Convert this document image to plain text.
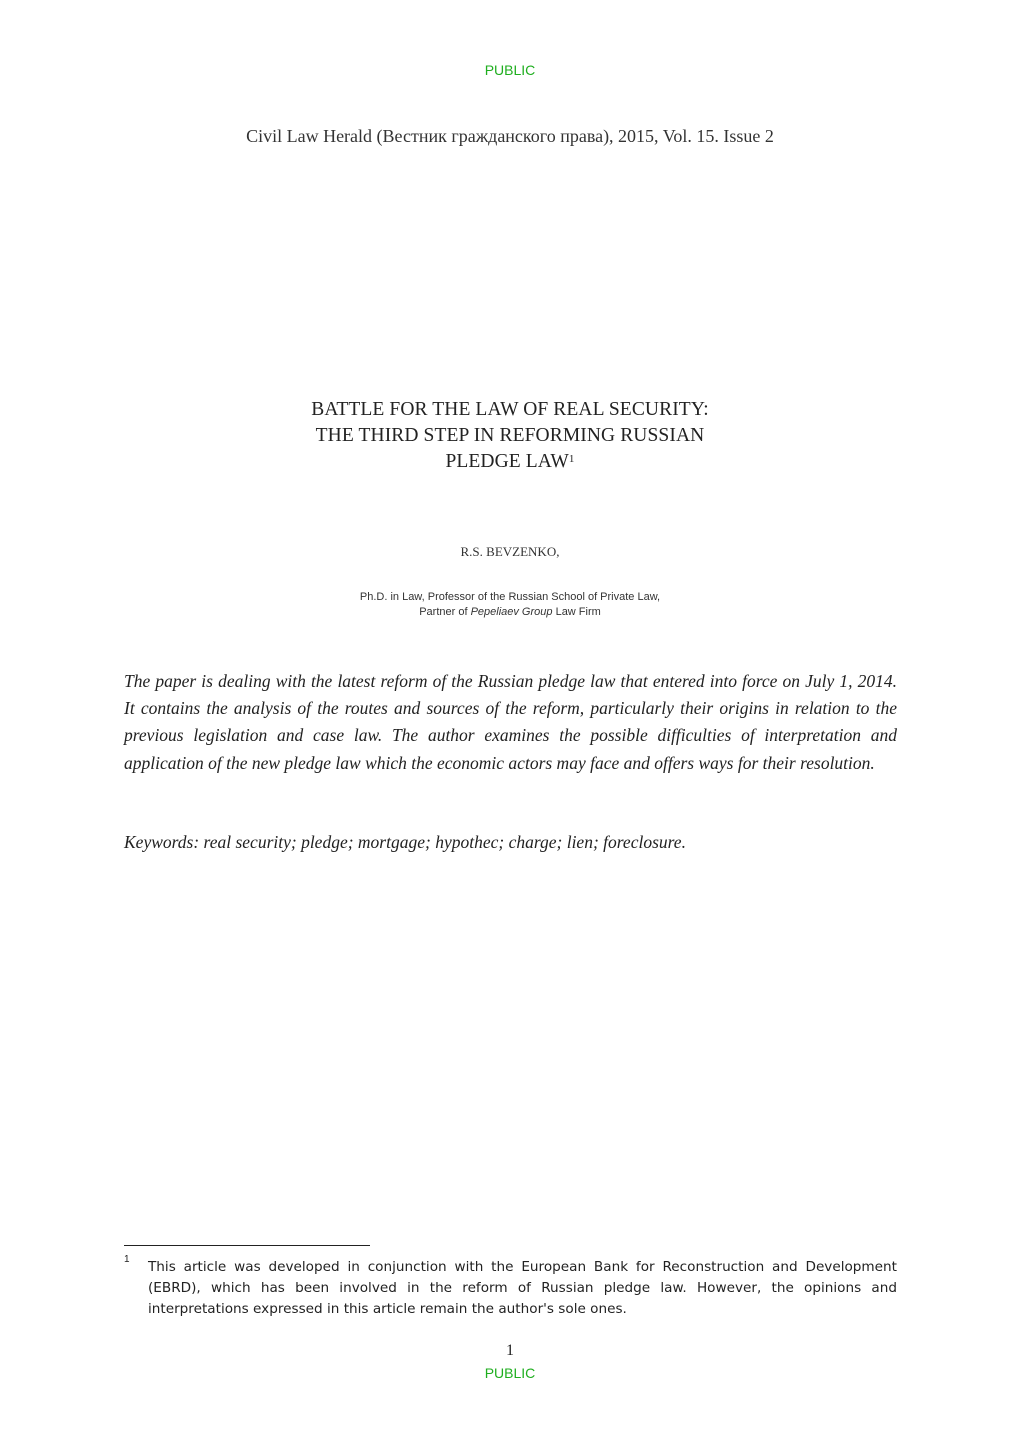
PUBLIC
Civil Law Herald (Вестник гражданского права), 2015, Vol. 15. Issue 2
BATTLE FOR THE LAW OF REAL SECURITY:
THE THIRD STEP IN REFORMING RUSSIAN
PLEDGE LAW$^1$
R.S. BEVZENKO,
Ph.D. in Law, Professor of the Russian School of Private Law,
Partner of Pepeliaev Group Law Firm

The paper is dealing with the latest reform of the Russian pledge law that entered into force on July 1, 2014. It contains the analysis of the routes and sources of the reform, particularly their origins in relation to the previous legislation and case law. The author examines the possible difficulties of interpretation and application of the new pledge law which the economic actors may face and offers ways for their resolution.

Keywords: real security; pledge; mortgage; hypothec; charge; lien; foreclosure.

1 This article was developed in conjunction with the European Bank for Reconstruction and Development (EBRD), which has been involved in the reform of Russian pledge law. However, the opinions and interpretations expressed in this article remain the author's sole ones.

1
PUBLIC
